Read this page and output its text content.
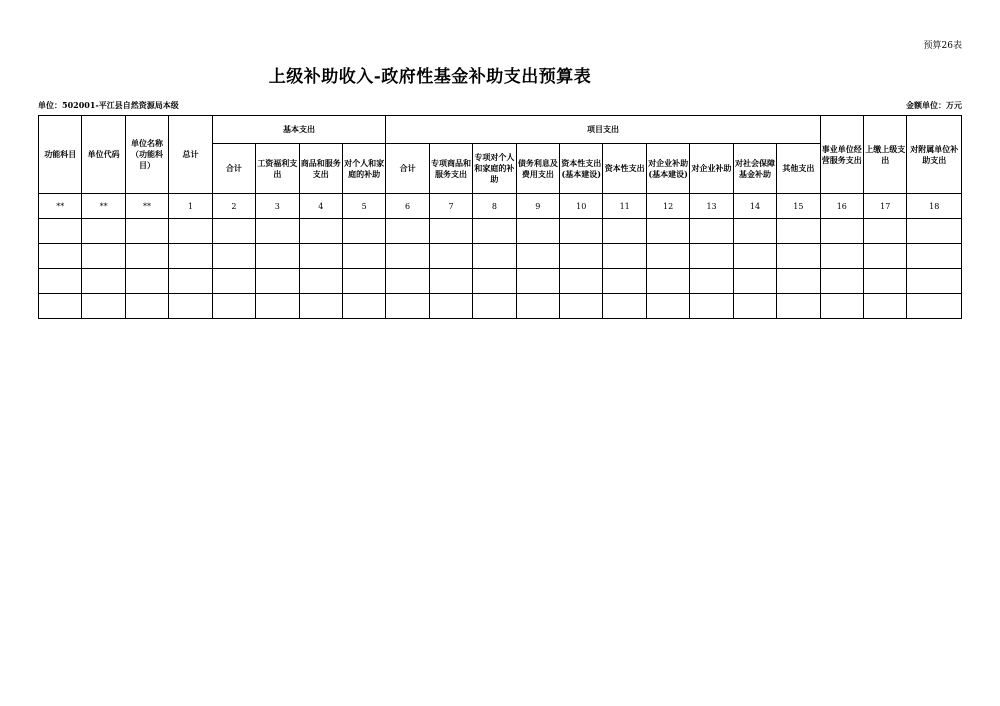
预算26表
上级补助收入-政府性基金补助支出预算表
单位：502001-平江县自然资源局本级	金额单位：万元
功能科目	单位代码	单位名称（功能科目）	总计	基本支出				项目支出										事业单位经营服务支出	上缴上级支出	对附属单位补助支出
				合计	工资福利支出	商品和服务支出	对个人和家庭的补助	合计	专项商品和服务支出	专项对个人和家庭的补助	债务利息及费用支出	资本性支出(基本建设)	资本性支出	对企业补助(基本建设)	对企业补助	对社会保障基金补助	其他支出			
**	**	**	1	2	3	4	5	6	7	8	9	10	11	12	13	14	15	16	17	18
